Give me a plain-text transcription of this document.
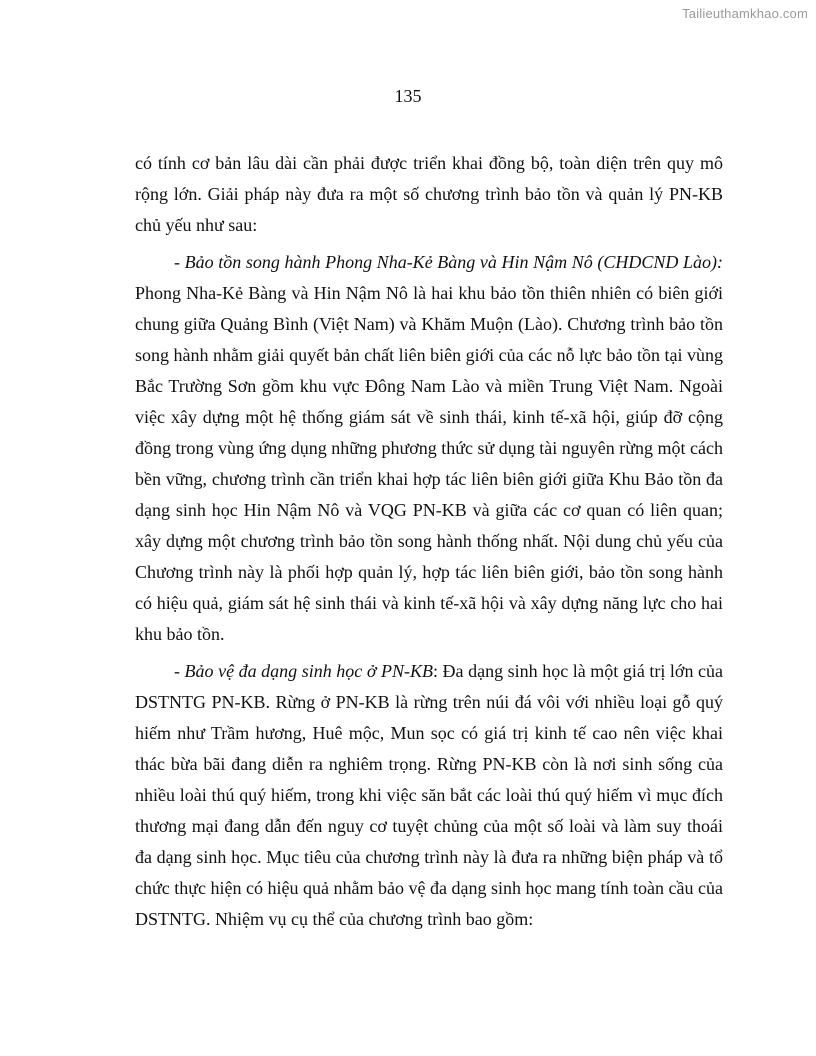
Tailieuthamkhao.com
135

có tính cơ bản lâu dài cần phải được triển khai đồng bộ, toàn diện trên quy mô rộng lớn. Giải pháp này đưa ra một số chương trình bảo tồn và quản lý PN-KB chủ yếu như sau:

- Bảo tồn song hành Phong Nha-Kẻ Bàng và Hin Nậm Nô (CHDCND Lào): Phong Nha-Kẻ Bàng và Hin Nậm Nô là hai khu bảo tồn thiên nhiên có biên giới chung giữa Quảng Bình (Việt Nam) và Khăm Muộn (Lào). Chương trình bảo tồn song hành nhằm giải quyết bản chất liên biên giới của các nỗ lực bảo tồn tại vùng Bắc Trường Sơn gồm khu vực Đông Nam Lào và miền Trung Việt Nam. Ngoài việc xây dựng một hệ thống giám sát về sinh thái, kinh tế-xã hội, giúp đỡ cộng đồng trong vùng ứng dụng những phương thức sử dụng tài nguyên rừng một cách bền vững, chương trình cần triển khai hợp tác liên biên giới giữa Khu Bảo tồn đa dạng sinh học Hin Nậm Nô và VQG PN-KB và giữa các cơ quan có liên quan; xây dựng một chương trình bảo tồn song hành thống nhất. Nội dung chủ yếu của Chương trình này là phối hợp quản lý, hợp tác liên biên giới, bảo tồn song hành có hiệu quả, giám sát hệ sinh thái và kinh tế-xã hội và xây dựng năng lực cho hai khu bảo tồn.

- Bảo vệ đa dạng sinh học ở PN-KB: Đa dạng sinh học là một giá trị lớn của DSTNTG PN-KB. Rừng ở PN-KB là rừng trên núi đá vôi với nhiều loại gỗ quý hiếm như Trầm hương, Huê mộc, Mun sọc có giá trị kinh tế cao nên việc khai thác bừa bãi đang diễn ra nghiêm trọng. Rừng PN-KB còn là nơi sinh sống của nhiều loài thú quý hiếm, trong khi việc săn bắt các loài thú quý hiếm vì mục đích thương mại đang dẫn đến nguy cơ tuyệt chủng của một số loài và làm suy thoái đa dạng sinh học. Mục tiêu của chương trình này là đưa ra những biện pháp và tổ chức thực hiện có hiệu quả nhằm bảo vệ đa dạng sinh học mang tính toàn cầu của DSTNTG. Nhiệm vụ cụ thể của chương trình bao gồm:
